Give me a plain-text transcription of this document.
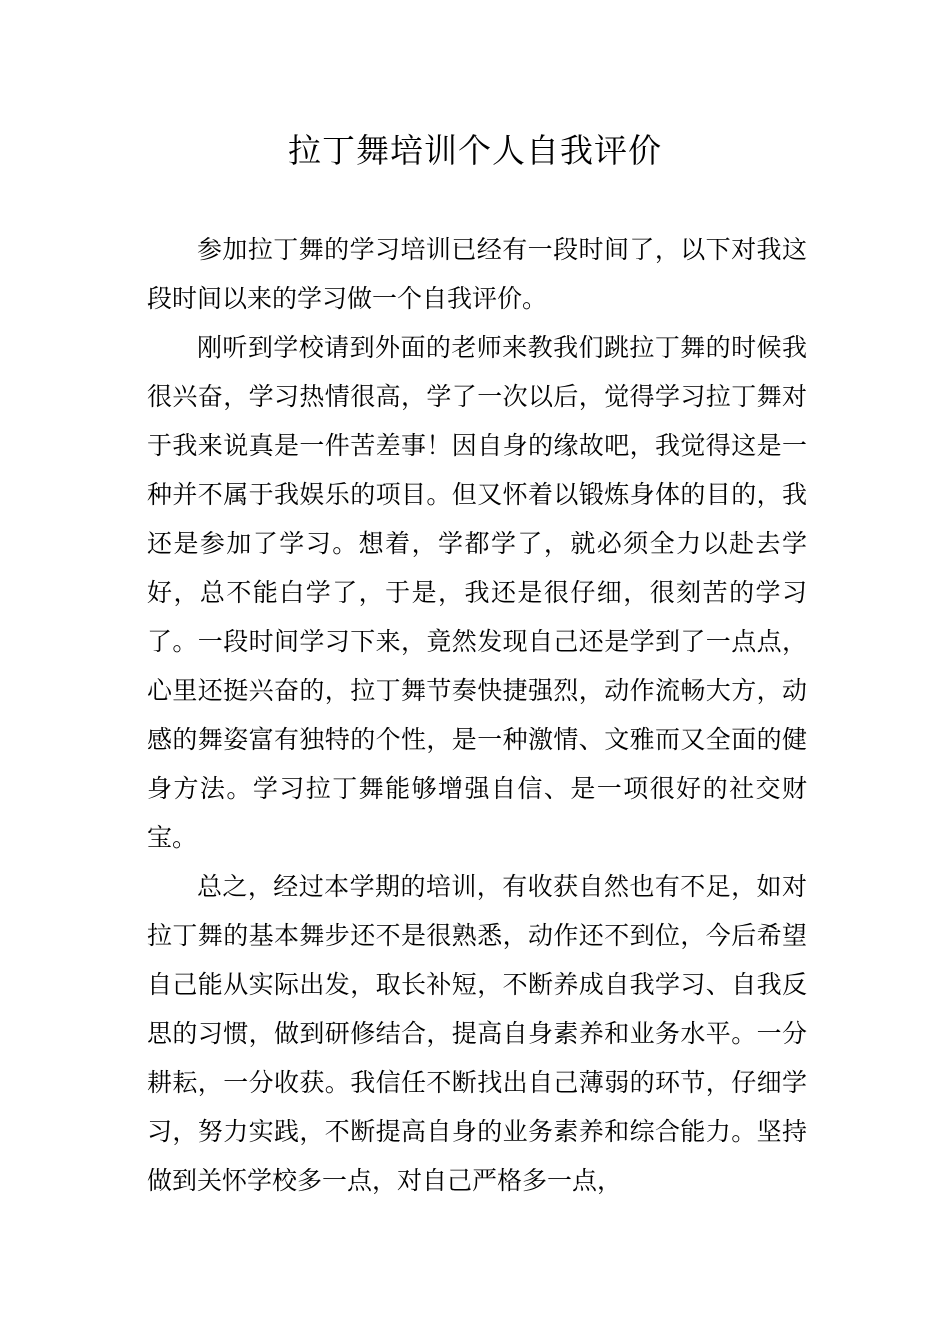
拉丁舞培训个人自我评价

参加拉丁舞的学习培训已经有一段时间了，以下对我这段时间以来的学习做一个自我评价。

刚听到学校请到外面的老师来教我们跳拉丁舞的时候我很兴奋，学习热情很高，学了一次以后，觉得学习拉丁舞对于我来说真是一件苦差事！因自身的缘故吧，我觉得这是一种并不属于我娱乐的项目。但又怀着以锻炼身体的目的，我还是参加了学习。想着，学都学了，就必须全力以赴去学好，总不能白学了，于是，我还是很仔细，很刻苦的学习了。一段时间学习下来，竟然发现自己还是学到了一点点，心里还挺兴奋的，拉丁舞节奏快捷强烈，动作流畅大方，动感的舞姿富有独特的个性，是一种激情、文雅而又全面的健身方法。学习拉丁舞能够增强自信、是一项很好的社交财宝。

总之，经过本学期的培训，有收获自然也有不足，如对拉丁舞的基本舞步还不是很熟悉，动作还不到位，今后希望自己能从实际出发，取长补短，不断养成自我学习、自我反思的习惯，做到研修结合，提高自身素养和业务水平。一分耕耘，一分收获。我信任不断找出自己薄弱的环节，仔细学习，努力实践，不断提高自身的业务素养和综合能力。坚持做到关怀学校多一点，对自己严格多一点，
